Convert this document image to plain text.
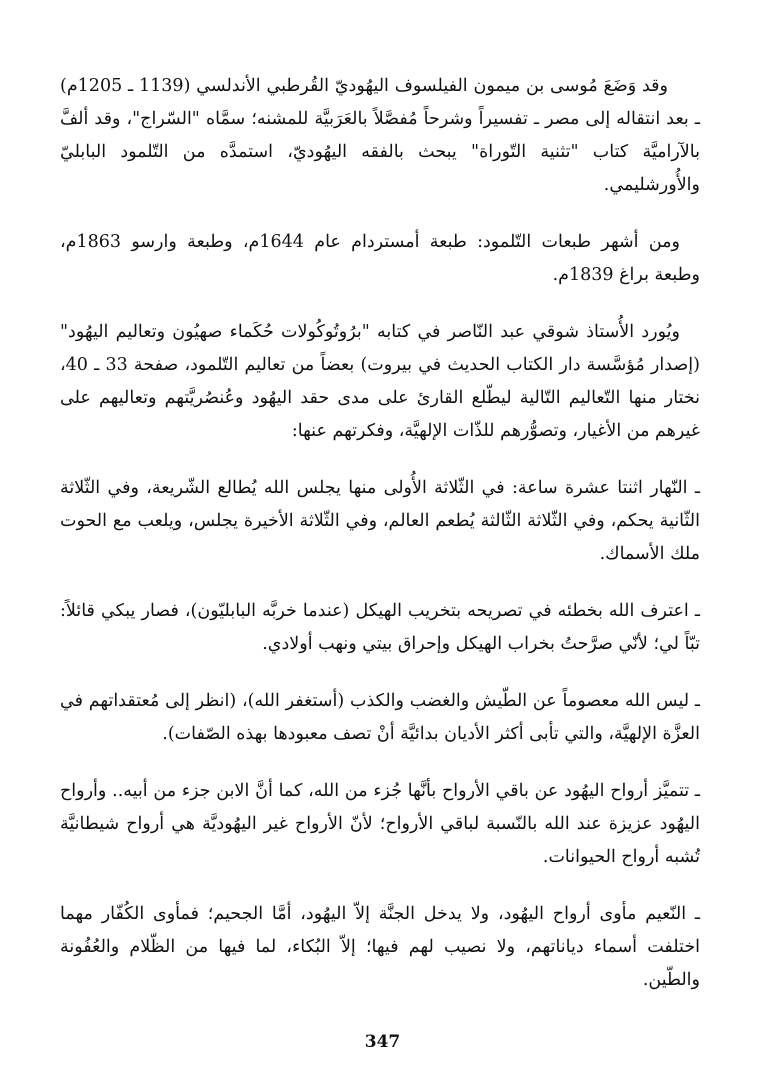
وقد وَضَعَ مُوسى بن ميمون الفيلسوف اليهُوديّ القُرطبي الأندلسي (1139 ـ 1205م) ـ بعد انتقاله إلى مصر ـ تفسيراً وشرحاً مُفصَّلاً بالعَرَبيَّة للمشنه؛ سمَّاه "السّراج"، وقد ألفَّ بالآراميَّة كتاب "تثنية التّوراة" يبحث بالفقه اليهُوديّ، استمدَّه من التّلمود البابليّ والأُورشليمي.

ومن أشهر طبعات التّلمود: طبعة أمستردام عام 1644م، وطبعة وارسو 1863م، وطبعة براغ 1839م.

ويُورد الأُستاذ شوقي عبد النّاصر في كتابه "برُوتُوكُولات حُكَماء صهيُون وتعاليم اليهُود" (إصدار مُؤسَّسة دار الكتاب الحديث في بيروت) بعضاً من تعاليم التّلمود، صفحة 33 ـ 40، نختار منها التّعاليم التّالية ليطّلع القارئ على مدى حقد اليهُود وعُنصُريَّتهم وتعاليهم على غيرهم من الأغيار، وتصوُّرهم للذّات الإلهيَّة، وفكرتهم عنها:

ـ النّهار اثنتا عشرة ساعة: في الثّلاثة الأُولى منها يجلس الله يُطالع الشّريعة، وفي الثّلاثة الثّانية يحكم، وفي الثّلاثة الثّالثة يُطعم العالم، وفي الثّلاثة الأخيرة يجلس، ويلعب مع الحوت ملك الأسماك.

ـ اعترف الله بخطئه في تصريحه بتخريب الهيكل (عندما خربَّه البابليّون)، فصار يبكي قائلاً: تبّاً لي؛ لأنّي صرَّحتُ بخراب الهيكل وإحراق بيتي ونهب أولادي.

ـ ليس الله معصوماً عن الطّيش والغضب والكذب (أستغفر الله)، (انظر إلى مُعتقداتهم في العزَّة الإلهيَّة، والتي تأبى أكثر الأديان بدائيَّة أنْ تصف معبودها بهذه الصّفات).

ـ تتميَّز أرواح اليهُود عن باقي الأرواح بأنَّها جُزء من الله، كما أنَّ الابن جزء من أبيه.. وأرواح اليهُود عزيزة عند الله بالنّسبة لباقي الأرواح؛ لأنّ الأرواح غير اليهُوديَّة هي أرواح شيطانيَّة تُشبه أرواح الحيوانات.

ـ النّعيم مأوى أرواح اليهُود، ولا يدخل الجنَّة إلاّ اليهُود، أمَّا الجحيم؛ فمأوى الكُفّار مهما اختلفت أسماء دياناتهم، ولا نصيب لهم فيها؛ إلاّ البُكاء، لما فيها من الظّلام والعُفُونة والطّين.

347
